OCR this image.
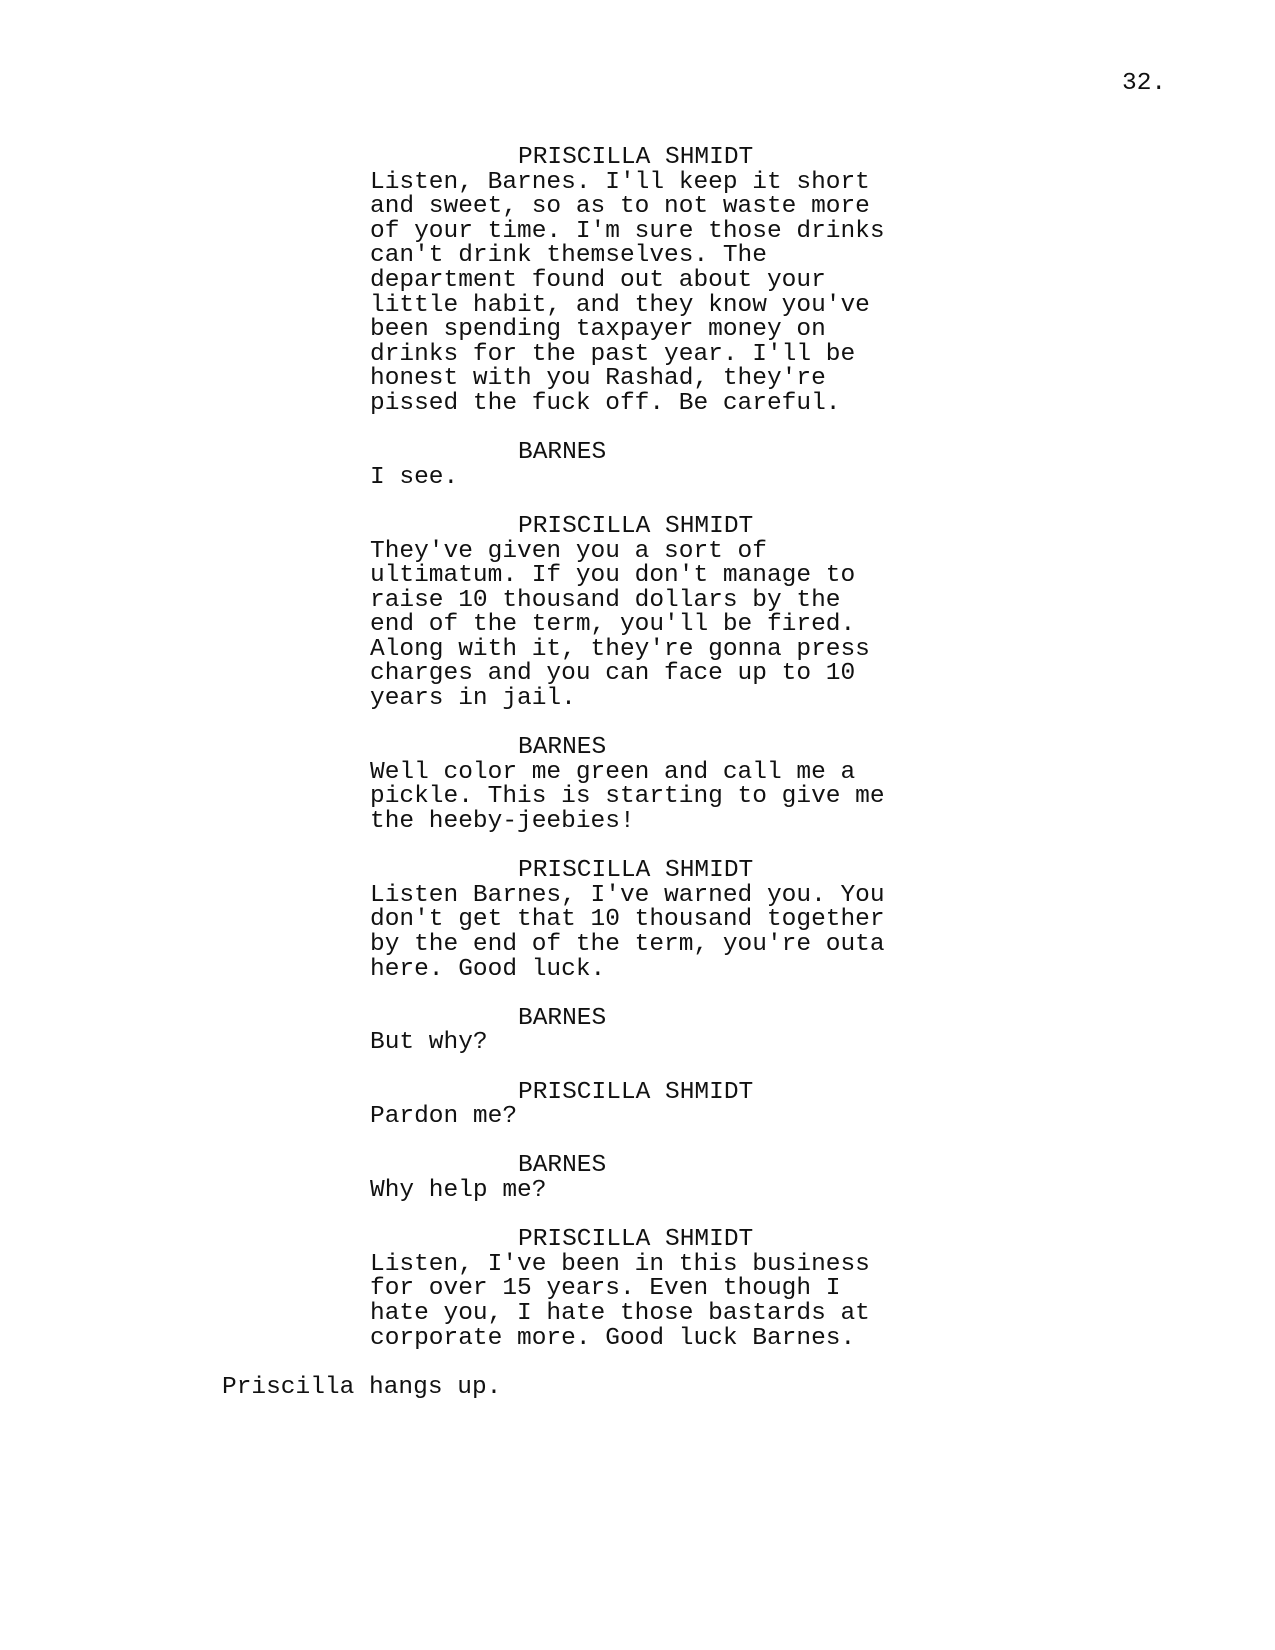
32.
PRISCILLA SHMIDT
Listen, Barnes. I'll keep it short
and sweet, so as to not waste more
of your time. I'm sure those drinks
can't drink themselves. The
department found out about your
little habit, and they know you've
been spending taxpayer money on
drinks for the past year. I'll be
honest with you Rashad, they're
pissed the fuck off. Be careful.
BARNES
I see.
PRISCILLA SHMIDT
They've given you a sort of
ultimatum. If you don't manage to
raise 10 thousand dollars by the
end of the term, you'll be fired.
Along with it, they're gonna press
charges and you can face up to 10
years in jail.
BARNES
Well color me green and call me a
pickle. This is starting to give me
the heeby-jeebies!
PRISCILLA SHMIDT
Listen Barnes, I've warned you. You
don't get that 10 thousand together
by the end of the term, you're outa
here. Good luck.
BARNES
But why?
PRISCILLA SHMIDT
Pardon me?
BARNES
Why help me?
PRISCILLA SHMIDT
Listen, I've been in this business
for over 15 years. Even though I
hate you, I hate those bastards at
corporate more. Good luck Barnes.
Priscilla hangs up.
